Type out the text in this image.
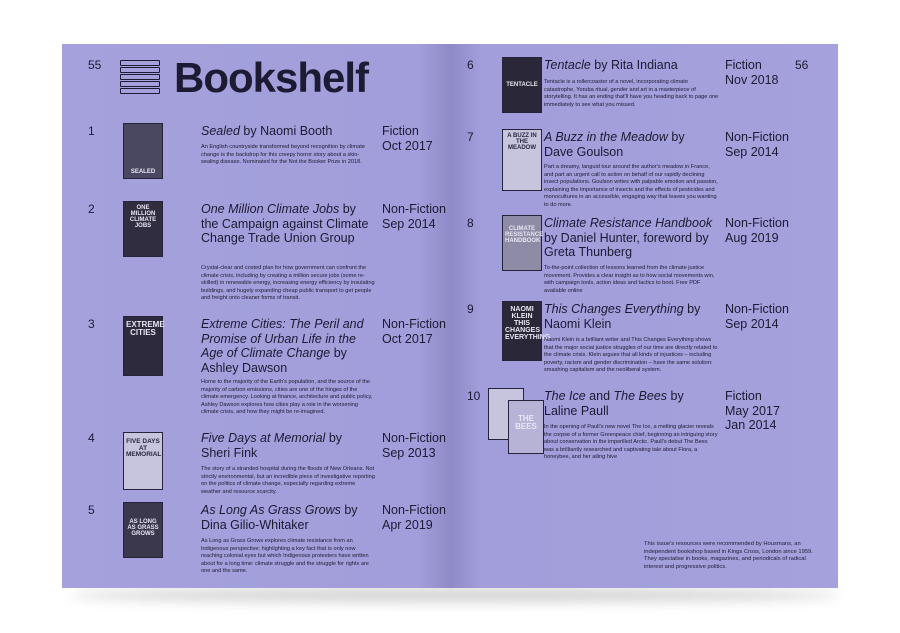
55 Bookshelf
1
SEALED
Sealed by Naomi Booth	Fiction
Oct 2017
An English countryside transformed beyond recognition by climate change is the backdrop for this creepy horror story about a skin-sealing disease. Nominated for the Not the Booker Prize in 2018.
2	ONE MILLION CLIMATE JOBS
One Million Climate Jobs by the Campaign against Climate Change Trade Union Group
Non-Fiction
Sep 2014
Crystal-clear and costed plan for how government can confront the climate crisis, including by creating a million secure jobs (some re-skilled) in renewable energy, increasing energy efficiency by insulating buildings, and hugely expanding cheap public transport to get people and freight onto cleaner forms of transit.
3	EXTREME CITIES
Extreme Cities: The Peril and Promise of Urban Life in the Age of Climate Change by Ashley Dawson
Non-Fiction
Oct 2017
Home to the majority of the Earth's population, and the source of the majority of carbon emissions, cities are one of the hinges of the climate emergency. Looking at finance, architecture and public policy, Ashley Dawson explores how cities play a role in the worsening climate crisis, and how they might be re-imagined.
4	FIVE DAYS AT MEMORIAL
Five Days at Memorial by Sheri Fink
Non-Fiction
Sep 2013
The story of a stranded hospital during the floods of New Orleans. Not strictly environmental, but an incredible piece of investigative reporting on the politics of climate change, especially regarding extreme weather and resource scarcity.
5
AS LONG AS GRASS GROWS
As Long As Grass Grows by Dina Gilio-Whitaker
Non-Fiction
Apr 2019
As Long as Grass Grows explores climate resistance from an Indigenous perspective; highlighting a key fact that is only now reaching colonial eyes but which Indigenous protesters have written about for a long time: climate struggle and the struggle for rights are one and the same.
56
6
TENTACLE
Tentacle by Rita Indiana	Fiction
Nov 2018
Tentacle is a rollercoaster of a novel, incorporating climate catastrophe, Yoruba ritual, gender and art in a masterpiece of storytelling. It has an ending that'll have you heading back to page one immediately to see what you missed.
7	A BUZZ IN THE MEADOW
A Buzz in the Meadow by Dave Goulson
Non-Fiction
Sep 2014
Part a dreamy, languid tour around the author's meadow in France, and part an urgent call to action on behalf of our rapidly declining insect populations. Goulson writes with palpable emotion and passion, explaining the importance of insects and the effects of pesticides and monocultures in an accessible, engaging way that leaves you wanting to do more.
8	CLIMATE RESISTANCE HANDBOOK
Climate Resistance Handbook by Daniel Hunter, foreword by Greta Thunberg
Non-Fiction
Aug 2019
To-the-point collection of lessons learned from the climate justice movement. Provides a clear insight as to how social movements win, with campaign tools, action ideas and tactics to boot. Free PDF available online
9	NAOMI KLEIN THIS CHANGES EVERYTHING
This Changes Everything by Naomi Klein
Non-Fiction
Sep 2014
Naomi Klein is a brilliant writer and This Changes Everything shows that the major social justice struggles of our time are directly related to the climate crisis. Klein argues that all kinds of injustices – including poverty, racism and gender discrimination – have the same solution: smashing capitalism and the neoliberal system.
10
THE BEES
The Ice and The Bees by Laline Paull
Fiction
May 2017
Jan 2014
In the opening of Paull's new novel The Ice, a melting glacier reveals the corpse of a former Greenpeace chief, beginning an intriguing story about conservation in the imperilled Arctic. Paull's debut The Bees was a brilliantly researched and captivating tale about Flora, a honeybee, and her ailing hive
This issue's resources were recommended by Housmans, an independent bookshop based in Kings Cross, London since 1959. They specialise in books, magazines, and periodicals of radical interest and progressive politics.
